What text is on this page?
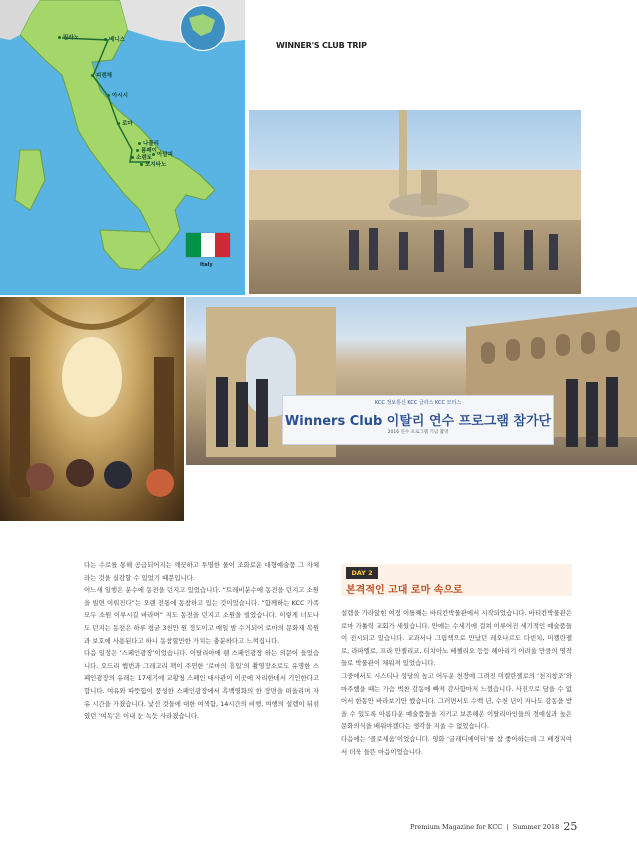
밀라노	베니스
피렌체
아시시
로마
나폴리
폼페이
아말피
소렌토
포지타노
Italy
WINNER'S CLUB TRIP
KCC 정보통신 KCC 글라스 KCC 모터스
Winners Club 이탈리 연수 프로그램 참가단
2016 연수 프로그램 기념 촬영

다는 수로를 통해 공급되어지는 깨끗하고 투명한 물이 조화로운 대형예술품 그 자체라는 것을 실감할 수 있었기 때문입니다.

어느새 일행은 분수에 동전을 던지고 있었습니다. “트레비분수에 동전을 던지고 소원을 빌면 이뤄진다”는 오랜 전통에 동참하고 있는 것이었습니다. “함께하는 KCC 가족 모두 소원 이루시길 바라며” 저도 동전을 던지고 소원을 빌었습니다. 이렇게 너도나도 던지는 동전은 하루 평균 3천만 원 정도이고 매일 밤 수거되어 로마의 문화재 복원과 보호에 사용된다고 하니 동참할만한 가치는 충분하다고 느껴집니다.

다음 일정은 ‘스페인광장’이었습니다. 이탈리아에 웬 스페인광장 하는 의문이 들었습니다. 오드리 햅번과 그레고리 팩이 주연한 ‘로마의 휴일’의 촬영장소로도 유명한 스페인광장의 유래는 17세기에 교황청 스페인 대사관이 이곳에 자리한데서 기인한다고 합니다. 여유와 따뜻함이 풍성한 스페인광장에서 흑백영화의 한 장면을 떠올리며 자유 시간을 가졌습니다. 낯선 것들에 대한 여색함, 14시간의 비행, 여행의 설렘이 뒤섞였던 ‘여독’은 이내 눈 녹듯 사라졌습니다.

DAY 2
본격적인 고대 로마 속으로

설렘을 가라앉힌 여정 이틀째는 바티칸박물관에서 시작되었습니다. 바티칸박물관은 로마 가톨릭 교회가 세웠습니다. 안에는 수세기에 걸쳐 이루어진 세기적인 예술품들이 전시되고 있습니다. 교과서나 그림책으로 만났던 레오나르도 다빈치, 미켈란젤로, 라파엘로, 프라 안젤리코, 티치아노 베첼리오 등등 헤아리기 어려울 만큼의 명작들로 박물관이 채워져 있었습니다.

그중에서도 시스티나 성당의 높고 어두운 천장에 그려진 미켈란젤로의 ‘천지창조’와 마주했을 때는 가슴 벅찬 감동에 빠져 감사함마저 느꼈습니다. 사진으로 담을 수 없어서 한동안 바라보기만 했습니다. 그러면서도 수백 년, 수천 년이 지나도 감동을 받을 수 있도록 아름다운 예술품들을 지키고 보존해온 이탈리아인들의 경애심과 높은 문화의식을 배워야겠다는 생각을 지울 수 없었습니다.

다음에는 ‘콜로세움’이었습니다. 영화 ‘글래디에이터’를 참 좋아하는데 그 배경지여서 더욱 들뜬 마음이었습니다.

Premium Magazine for KCC  |  Summer 2018 25
